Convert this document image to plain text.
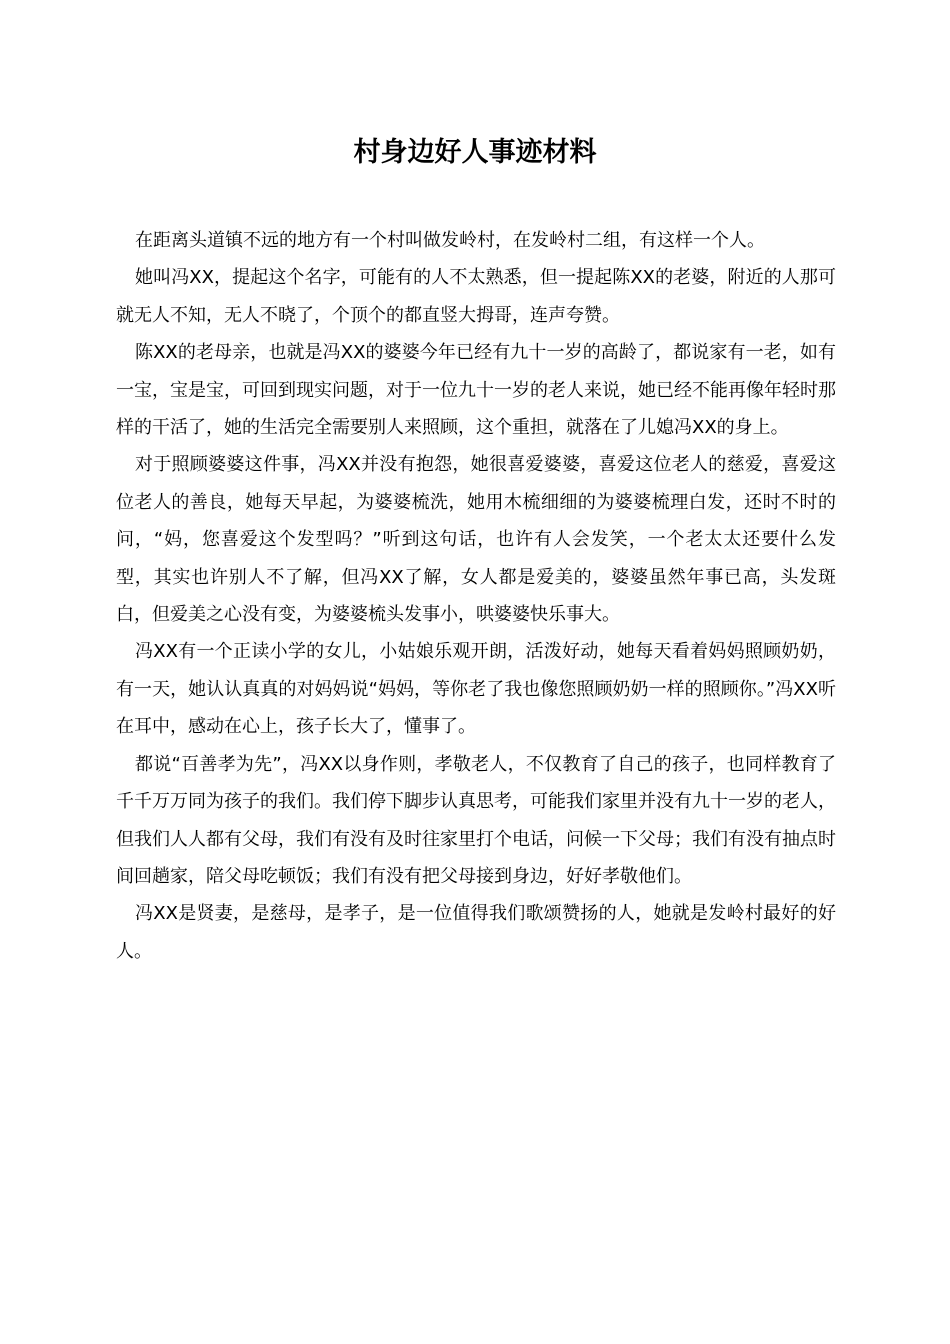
村身边好人事迹材料

在距离头道镇不远的地方有一个村叫做发岭村，在发岭村二组，有这样一个人。

她叫冯XX，提起这个名字，可能有的人不太熟悉，但一提起陈XX的老婆，附近的人那可就无人不知，无人不晓了，个顶个的都直竖大拇哥，连声夸赞。

陈XX的老母亲，也就是冯XX的婆婆今年已经有九十一岁的高龄了，都说家有一老，如有一宝，宝是宝，可回到现实问题，对于一位九十一岁的老人来说，她已经不能再像年轻时那样的干活了，她的生活完全需要别人来照顾，这个重担，就落在了儿媳冯XX的身上。

对于照顾婆婆这件事，冯XX并没有抱怨，她很喜爱婆婆，喜爱这位老人的慈爱，喜爱这位老人的善良，她每天早起，为婆婆梳洗，她用木梳细细的为婆婆梳理白发，还时不时的问，“妈，您喜爱这个发型吗？”听到这句话，也许有人会发笑，一个老太太还要什么发型，其实也许别人不了解，但冯XX了解，女人都是爱美的，婆婆虽然年事已高，头发斑白，但爱美之心没有变，为婆婆梳头发事小，哄婆婆快乐事大。

冯XX有一个正读小学的女儿，小姑娘乐观开朗，活泼好动，她每天看着妈妈照顾奶奶，有一天，她认认真真的对妈妈说“妈妈，等你老了我也像您照顾奶奶一样的照顾你。”冯XX听在耳中，感动在心上，孩子长大了，懂事了。

都说“百善孝为先”，冯XX以身作则，孝敬老人，不仅教育了自己的孩子，也同样教育了千千万万同为孩子的我们。我们停下脚步认真思考，可能我们家里并没有九十一岁的老人，但我们人人都有父母，我们有没有及时往家里打个电话，问候一下父母；我们有没有抽点时间回趟家，陪父母吃顿饭；我们有没有把父母接到身边，好好孝敬他们。

冯XX是贤妻，是慈母，是孝子，是一位值得我们歌颂赞扬的人，她就是发岭村最好的好人。
